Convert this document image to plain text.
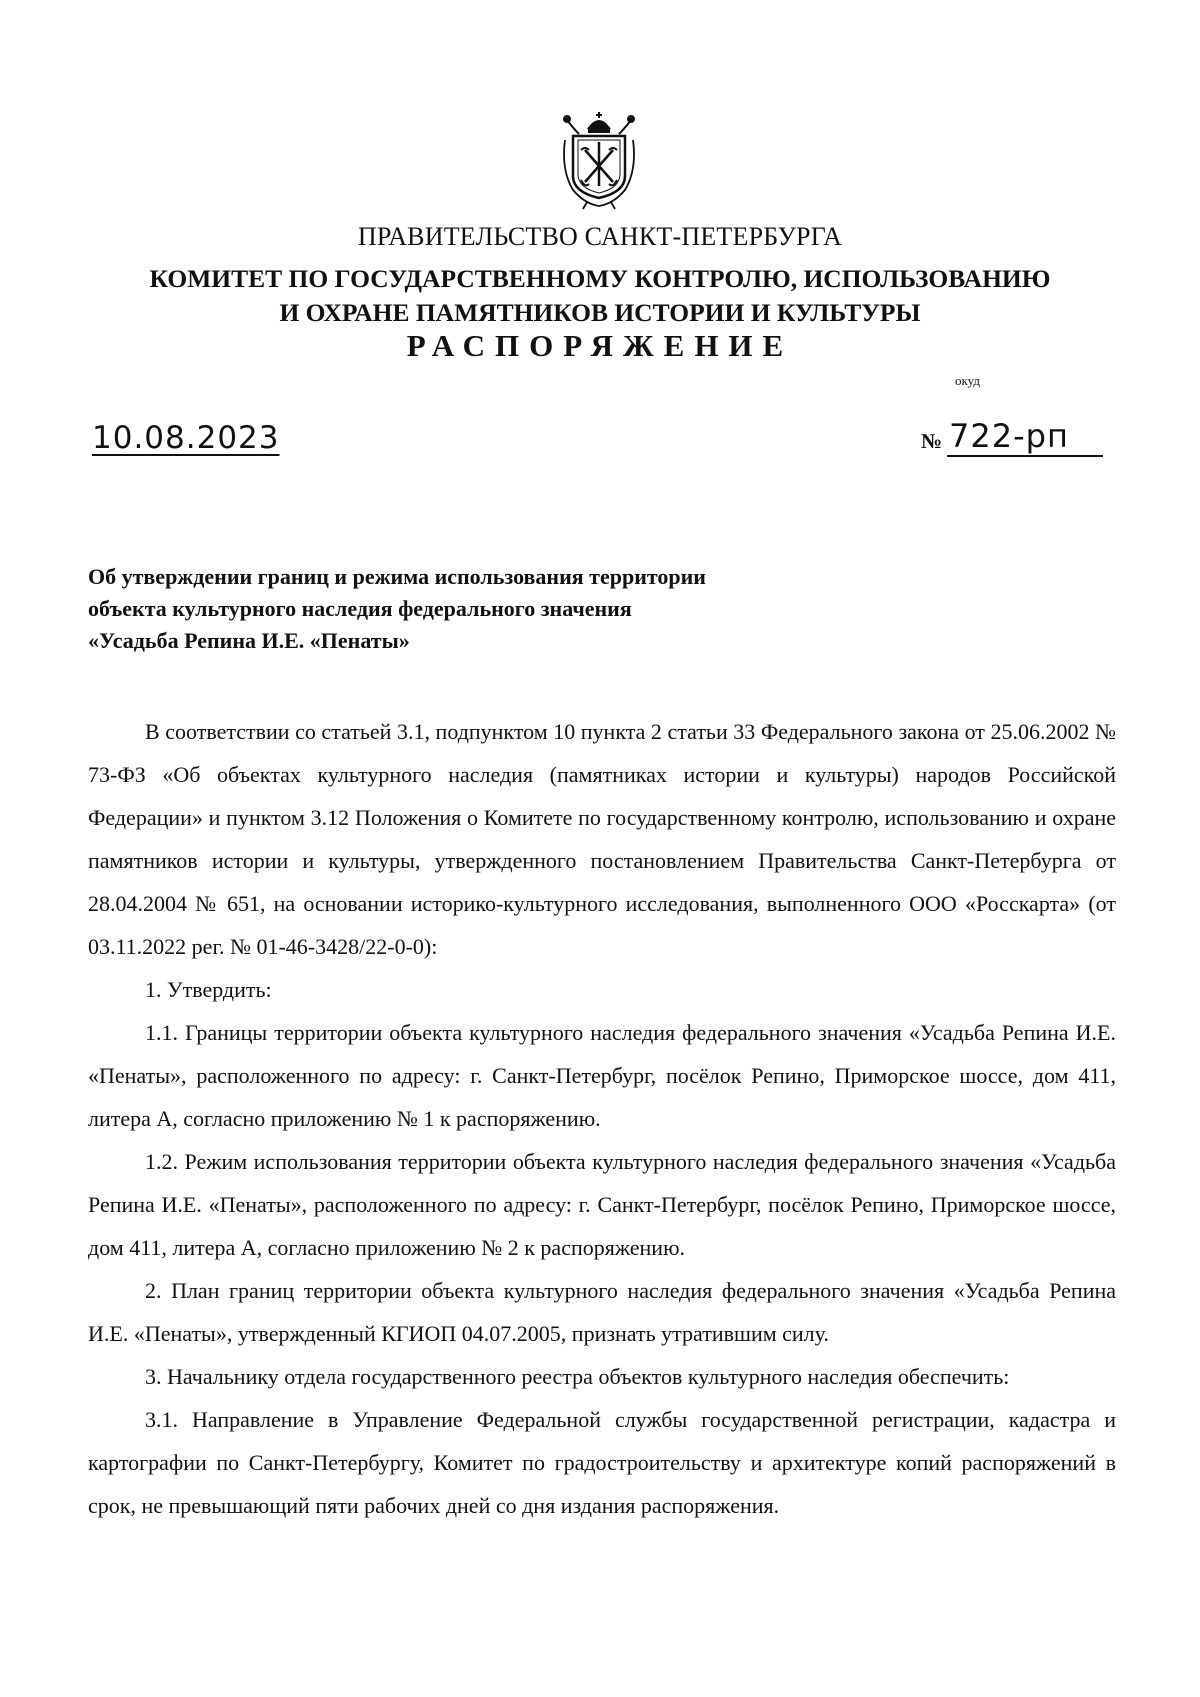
ПРАВИТЕЛЬСТВО САНКТ-ПЕТЕРБУРГА
КОМИТЕТ ПО ГОСУДАРСТВЕННОМУ КОНТРОЛЮ, ИСПОЛЬЗОВАНИЮ
И ОХРАНЕ ПАМЯТНИКОВ ИСТОРИИ И КУЛЬТУРЫ
РАСПОРЯЖЕНИЕ
окуд
10.08.2023	№ 722-рп
Об утверждении границ и режима использования территории
объекта культурного наследия федерального значения
«Усадьба Репина И.Е. «Пенаты»

В соответствии со статьей 3.1, подпунктом 10 пункта 2 статьи 33 Федерального закона от 25.06.2002 № 73-ФЗ «Об объектах культурного наследия (памятниках истории и культуры) народов Российской Федерации» и пунктом 3.12 Положения о Комитете по государственному контролю, использованию и охране памятников истории и культуры, утвержденного постановлением Правительства Санкт-Петербурга от 28.04.2004 № 651, на основании историко-культурного исследования, выполненного ООО «Росскарта» (от 03.11.2022 рег. № 01-46-3428/22-0-0):

1. Утвердить:

1.1. Границы территории объекта культурного наследия федерального значения «Усадьба Репина И.Е. «Пенаты», расположенного по адресу: г. Санкт-Петербург, посёлок Репино, Приморское шоссе, дом 411, литера А, согласно приложению № 1 к распоряжению.

1.2. Режим использования территории объекта культурного наследия федерального значения «Усадьба Репина И.Е. «Пенаты», расположенного по адресу: г. Санкт-Петербург, посёлок Репино, Приморское шоссе, дом 411, литера А, согласно приложению № 2 к распоряжению.

2. План границ территории объекта культурного наследия федерального значения «Усадьба Репина И.Е. «Пенаты», утвержденный КГИОП 04.07.2005, признать утратившим силу.

3. Начальнику отдела государственного реестра объектов культурного наследия обеспечить:

3.1. Направление в Управление Федеральной службы государственной регистрации, кадастра и картографии по Санкт-Петербургу, Комитет по градостроительству и архитектуре копий распоряжений в срок, не превышающий пяти рабочих дней со дня издания распоряжения.
